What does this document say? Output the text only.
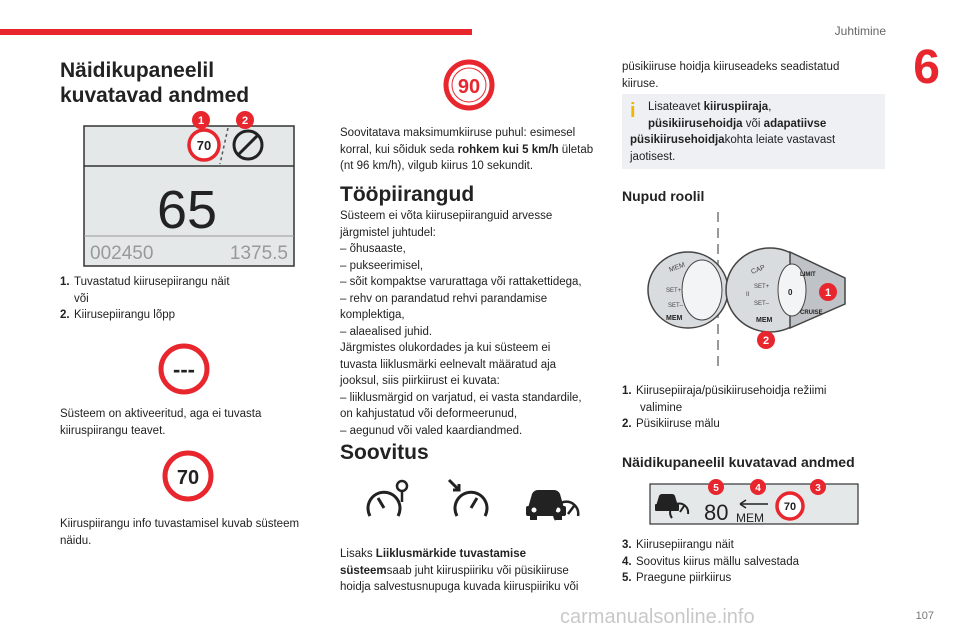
Juhtimine
6
Näidikupaneelil kuvatavad andmed
70
1	2
65
002450	1375.5
1. Tuvastatud kiirusepiirangu näit
või
2. Kiirusepiirangu lõpp
---
Süsteem on aktiveeritud, aga ei tuvasta kiiruspiirangu teavet.
70
Kiiruspiirangu info tuvastamisel kuvab süsteem näidu.
90
Soovitatava maksimumkiiruse puhul: esimesel korral, kui sõiduk seda rohkem kui 5 km/h ületab (nt 96 km/h), vilgub kiirus 10 sekundit.
Tööpiirangud
Süsteem ei võta kiirusepiiranguid arvesse
järgmistel juhtudel:
– õhusaaste,
– pukseerimisel,
– sõit kompaktse varurattaga või rattakettidega,
– rehv on parandatud rehvi parandamise
komplektiga,
– alaealised juhid.
Järgmistes olukordades ja kui süsteem ei
tuvasta liiklusmärki eelnevalt määratud aja
jooksul, siis piirkiirust ei kuvata:
– liiklusmärgid on varjatud, ei vasta standardile,
on kahjustatud või deformeerunud,
– aegunud või valed kaardiandmed.
Soovitus
Lisaks Liiklusmärkide tuvastamise
süsteemsaab juht kiiruspiiriku või püsikiiruse
hoidja salvestusnupuga kuvada kiiruspiiriku või
püsikiiruse hoidja kiiruseadeks seadistatud
kiiruse.
i	Lisateavet kiiruspiiraja,
püsikiirusehoidja või adapatiivse
püsikiirusehoidjakohta leiate vastavast
jaotisest.
Nupud roolil
MEM
SET+
SET–
MEM
CAP
SET+
II
SET–
0
LIMIT
CRUISE
MEM
1
2
1. Kiirusepiiraja/püsikiirusehoidja režiimi
valimine
2. Püsikiiruse mälu
Näidikupaneelil kuvatavad andmed
80 MEM
70
5	4	3
3. Kiirusepiirangu näit
4. Soovitus kiirus mällu salvestada
5. Praegune piirkiirus
107
carmanualsonline.info
